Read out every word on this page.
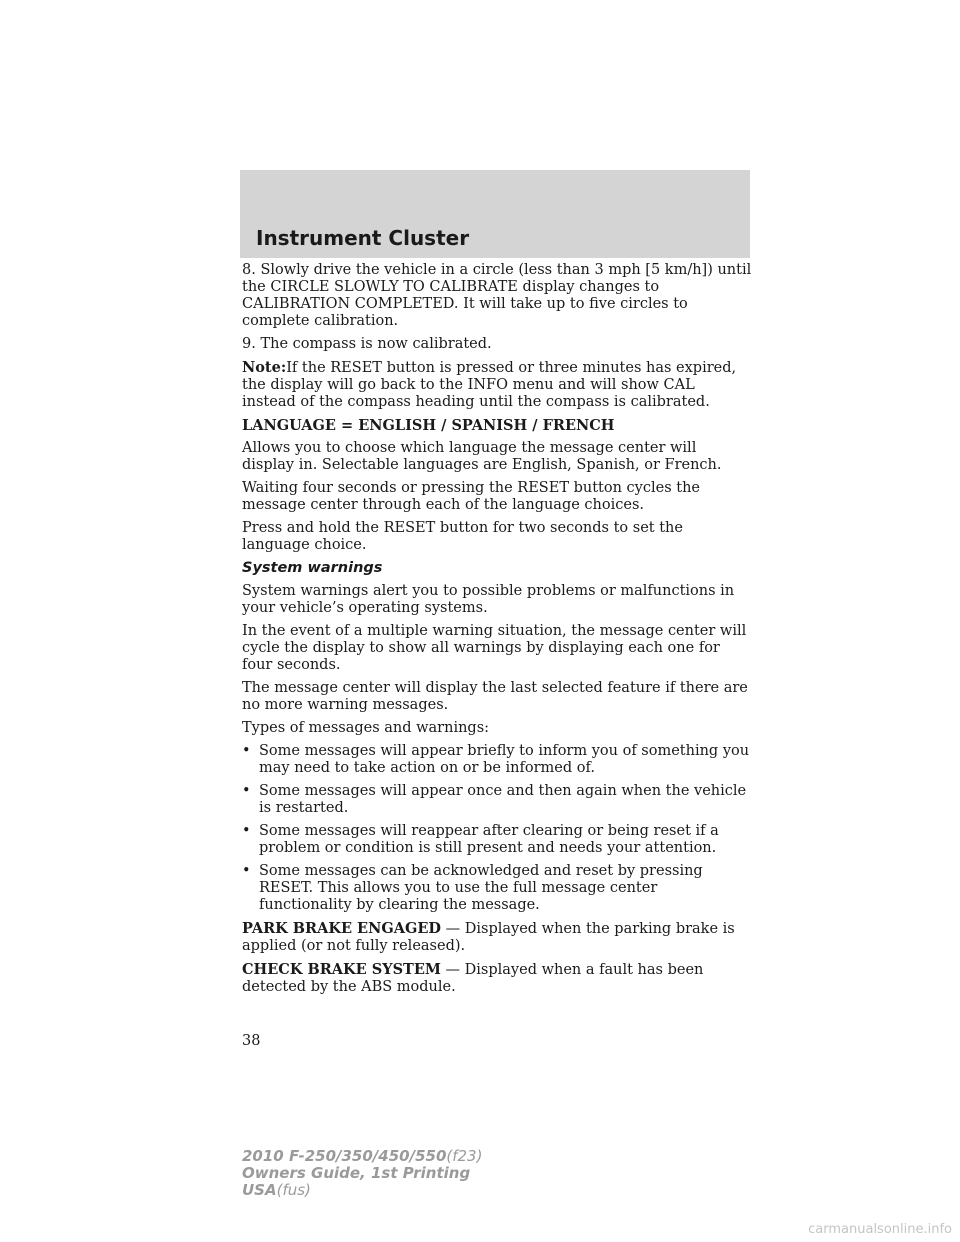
Instrument Cluster

8. Slowly drive the vehicle in a circle (less than 3 mph [5 km/h]) until the CIRCLE SLOWLY TO CALIBRATE display changes to CALIBRATION COMPLETED. It will take up to five circles to complete calibration.

9. The compass is now calibrated.

Note:If the RESET button is pressed or three minutes has expired, the display will go back to the INFO menu and will show CAL instead of the compass heading until the compass is calibrated.

LANGUAGE = ENGLISH / SPANISH / FRENCH

Allows you to choose which language the message center will display in. Selectable languages are English, Spanish, or French.

Waiting four seconds or pressing the RESET button cycles the message center through each of the language choices.

Press and hold the RESET button for two seconds to set the language choice.

System warnings

System warnings alert you to possible problems or malfunctions in your vehicle’s operating systems.

In the event of a multiple warning situation, the message center will cycle the display to show all warnings by displaying each one for four seconds.

The message center will display the last selected feature if there are no more warning messages.

Types of messages and warnings:

• Some messages will appear briefly to inform you of something you may need to take action on or be informed of.
• Some messages will appear once and then again when the vehicle is restarted.
• Some messages will reappear after clearing or being reset if a problem or condition is still present and needs your attention.
• Some messages can be acknowledged and reset by pressing RESET. This allows you to use the full message center functionality by clearing the message.

PARK BRAKE ENGAGED — Displayed when the parking brake is applied (or not fully released).

CHECK BRAKE SYSTEM — Displayed when a fault has been detected by the ABS module.

38
2010 F-250/350/450/550(f23)
Owners Guide, 1st Printing
USA(fus)
carmanualsonline.info
